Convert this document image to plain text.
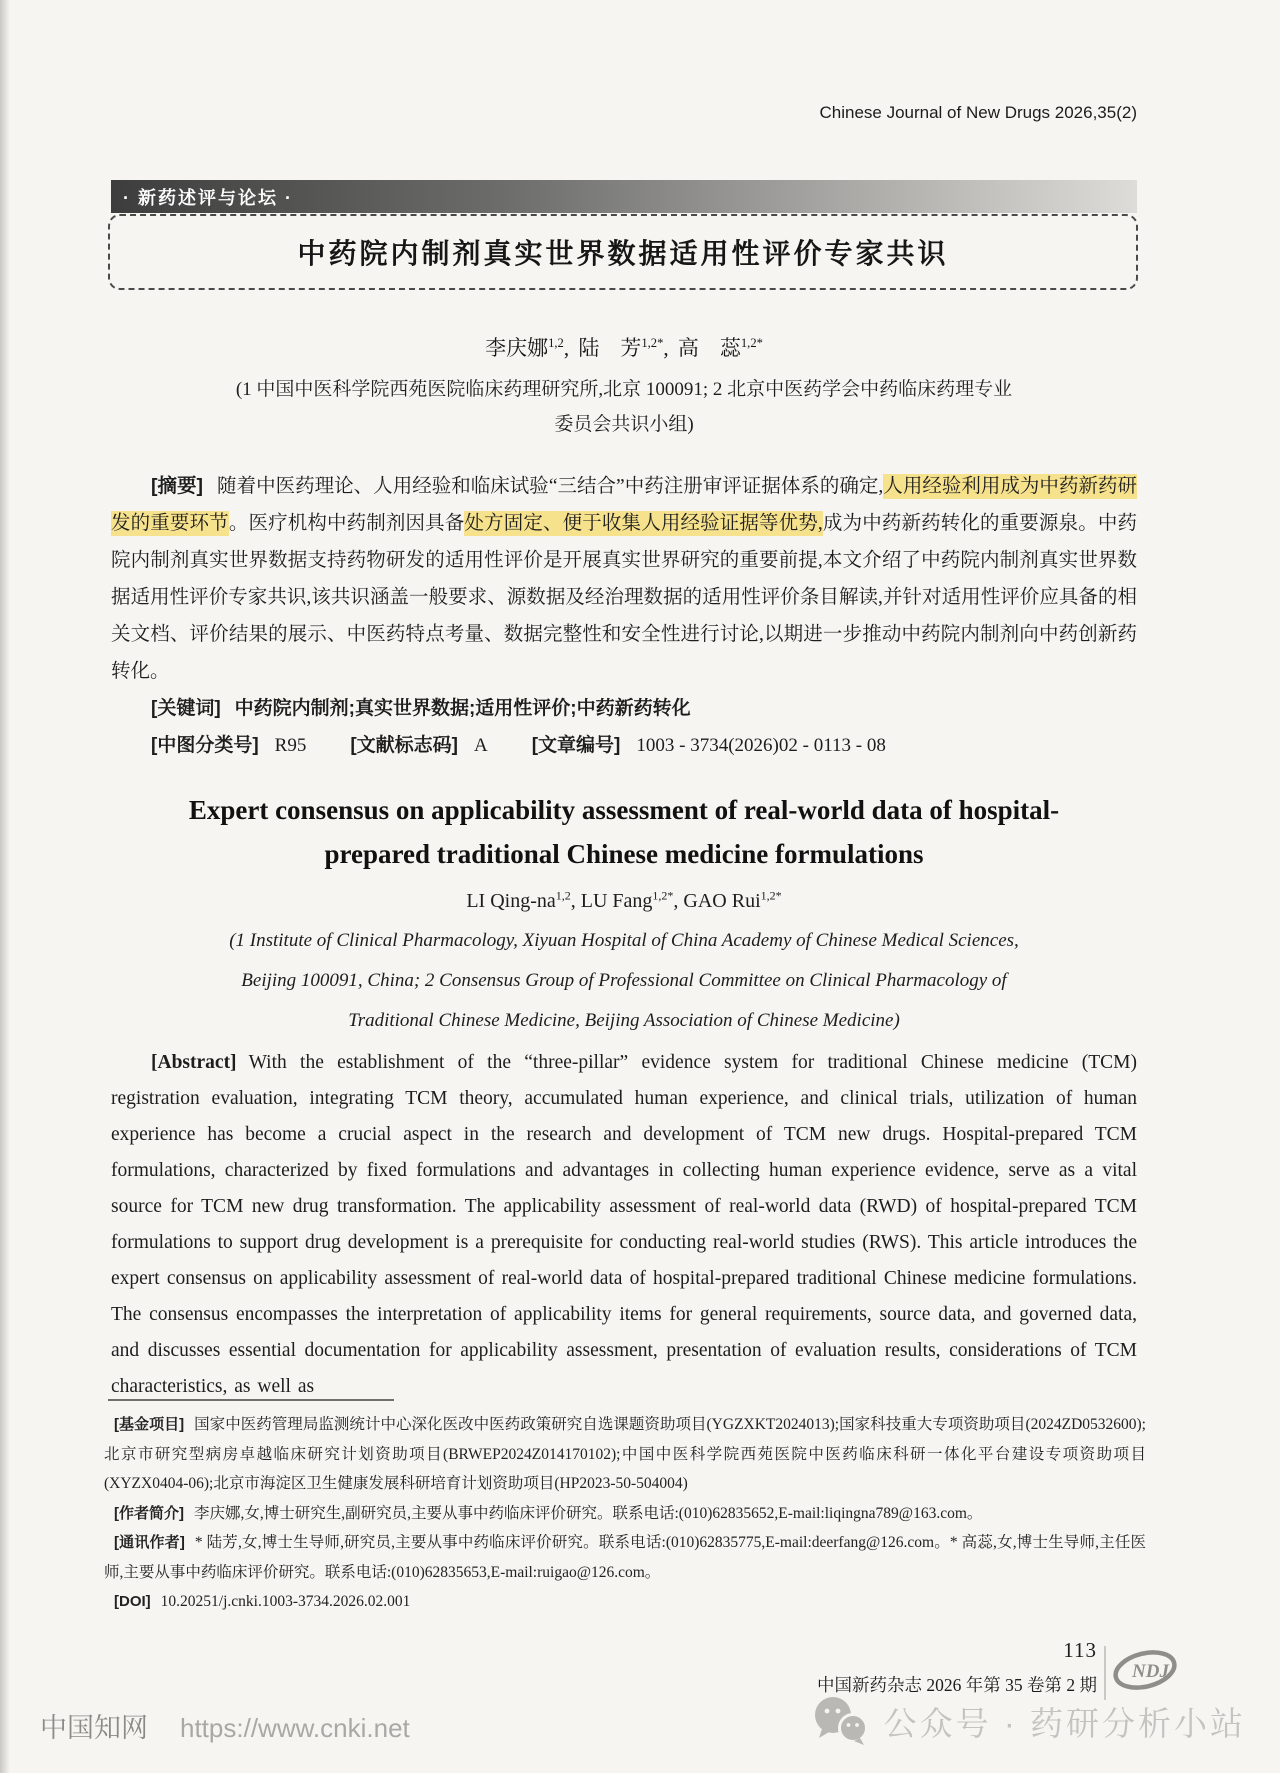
Chinese Journal of New Drugs 2026,35(2)
· 新药述评与论坛 ·
中药院内制剂真实世界数据适用性评价专家共识
李庆娜$^{1,2}$, 陆　芳$^{1,2*}$, 高　蕊$^{1,2*}$
(1 中国中医科学院西苑医院临床药理研究所,北京 100091; 2 北京中医药学会中药临床药理专业
委员会共识小组)

[摘要] 随着中医药理论、人用经验和临床试验“三结合”中药注册审评证据体系的确定,人用经验利用成为中药新药研发的重要环节。医疗机构中药制剂因具备处方固定、便于收集人用经验证据等优势,成为中药新药转化的重要源泉。中药院内制剂真实世界数据支持药物研发的适用性评价是开展真实世界研究的重要前提,本文介绍了中药院内制剂真实世界数据适用性评价专家共识,该共识涵盖一般要求、源数据及经治理数据的适用性评价条目解读,并针对适用性评价应具备的相关文档、评价结果的展示、中医药特点考量、数据完整性和安全性进行讨论,以期进一步推动中药院内制剂向中药创新药转化。

[关键词] 中药院内制剂;真实世界数据;适用性评价;中药新药转化

[中图分类号] R95 [文献标志码] A [文章编号] 1003 - 3734(2026)02 - 0113 - 08

Expert consensus on applicability assessment of real-world data of hospital-prepared traditional Chinese medicine formulations
LI Qing-na$^{1,2}$, LU Fang$^{1,2*}$, GAO Rui$^{1,2*}$
(1 Institute of Clinical Pharmacology, Xiyuan Hospital of China Academy of Chinese Medical Sciences,
Beijing 100091, China; 2 Consensus Group of Professional Committee on Clinical Pharmacology of
Traditional Chinese Medicine, Beijing Association of Chinese Medicine)

[Abstract] With the establishment of the “three-pillar” evidence system for traditional Chinese medicine (TCM) registration evaluation, integrating TCM theory, accumulated human experience, and clinical trials, utilization of human experience has become a crucial aspect in the research and development of TCM new drugs. Hospital-prepared TCM formulations, characterized by fixed formulations and advantages in collecting human experience evidence, serve as a vital source for TCM new drug transformation. The applicability assessment of real-world data (RWD) of hospital-prepared TCM formulations to support drug development is a prerequisite for conducting real-world studies (RWS). This article introduces the expert consensus on applicability assessment of real-world data of hospital-prepared traditional Chinese medicine formulations. The consensus encompasses the interpretation of applicability items for general requirements, source data, and governed data, and discusses essential documentation for applicability assessment, presentation of evaluation results, considerations of TCM characteristics, as well as

[基金项目] 国家中医药管理局监测统计中心深化医改中医药政策研究自选课题资助项目(YGZXKT2024013);国家科技重大专项资助项目(2024ZD0532600);北京市研究型病房卓越临床研究计划资助项目(BRWEP2024Z014170102);中国中医科学院西苑医院中医药临床科研一体化平台建设专项资助项目(XYZX0404-06);北京市海淀区卫生健康发展科研培育计划资助项目(HP2023-50-504004)

[作者简介] 李庆娜,女,博士研究生,副研究员,主要从事中药临床评价研究。联系电话:(010)62835652,E-mail:liqingna789@163.com。

[通讯作者] * 陆芳,女,博士生导师,研究员,主要从事中药临床评价研究。联系电话:(010)62835775,E-mail:deerfang@126.com。* 高蕊,女,博士生导师,主任医师,主要从事中药临床评价研究。联系电话:(010)62835653,E-mail:ruigao@126.com。

[DOI] 10.20251/j.cnki.1003-3734.2026.02.001

113
中国新药杂志 2026 年第 35 卷第 2 期
NDJ
中国知网 https://www.cnki.net	公众号 · 药研分析小站
